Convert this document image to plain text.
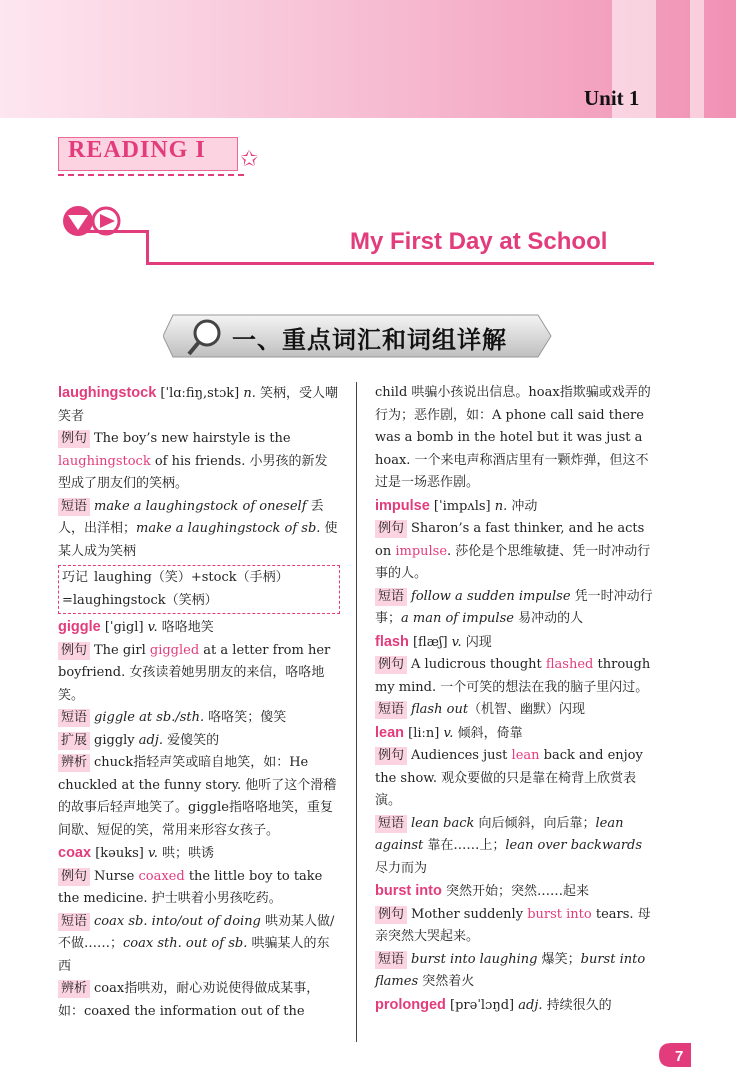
Unit 1
READING I ✩
My First Day at School
一、重点词汇和词组详解

laughingstock [ˈlɑːfiŋ,stɔk] n. 笑柄，受人嘲笑者

例句 The boy’s new hairstyle is the laughingstock of his friends. 小男孩的新发型成了朋友们的笑柄。

短语 make a laughingstock of oneself 丢人，出洋相；make a laughingstock of sb. 使某人成为笑柄

巧记 laughing（笑）+stock（手柄）=laughingstock（笑柄）

giggle [ˈgigl] v. 咯咯地笑

例句 The girl giggled at a letter from her boyfriend. 女孩读着她男朋友的来信，咯咯地笑。

短语 giggle at sb./sth. 咯咯笑；傻笑

扩展 giggly adj. 爱傻笑的

辨析 chuck指轻声笑或暗自地笑，如：He chuckled at the funny story. 他听了这个滑稽的故事后轻声地笑了。giggle指咯咯地笑，重复间歇、短促的笑，常用来形容女孩子。

coax [kəuks] v. 哄；哄诱

例句 Nurse coaxed the little boy to take the medicine. 护士哄着小男孩吃药。

短语 coax sb. into/out of doing 哄劝某人做/不做……；coax sth. out of sb. 哄骗某人的东西

辨析 coax指哄劝，耐心劝说使得做成某事，如：coaxed the information out of the

child 哄骗小孩说出信息。hoax指欺骗或戏弄的行为；恶作剧，如：A phone call said there was a bomb in the hotel but it was just a hoax. 一个来电声称酒店里有一颗炸弹，但这不过是一场恶作剧。

impulse [ˈimpʌls] n. 冲动

例句 Sharon’s a fast thinker, and he acts on impulse. 莎伦是个思维敏捷、凭一时冲动行事的人。

短语 follow a sudden impulse 凭一时冲动行事；a man of impulse 易冲动的人

flash [flæʃ] v. 闪现

例句 A ludicrous thought flashed through my mind. 一个可笑的想法在我的脑子里闪过。

短语 flash out（机智、幽默）闪现

lean [liːn] v. 倾斜，倚靠

例句 Audiences just lean back and enjoy the show. 观众要做的只是靠在椅背上欣赏表演。

短语 lean back 向后倾斜，向后靠；lean against 靠在……上；lean over backwards 尽力而为

burst into 突然开始；突然……起来

例句 Mother suddenly burst into tears. 母亲突然大哭起来。

短语 burst into laughing 爆笑；burst into flames 突然着火

prolonged [prəˈlɔŋd] adj. 持续很久的

7
